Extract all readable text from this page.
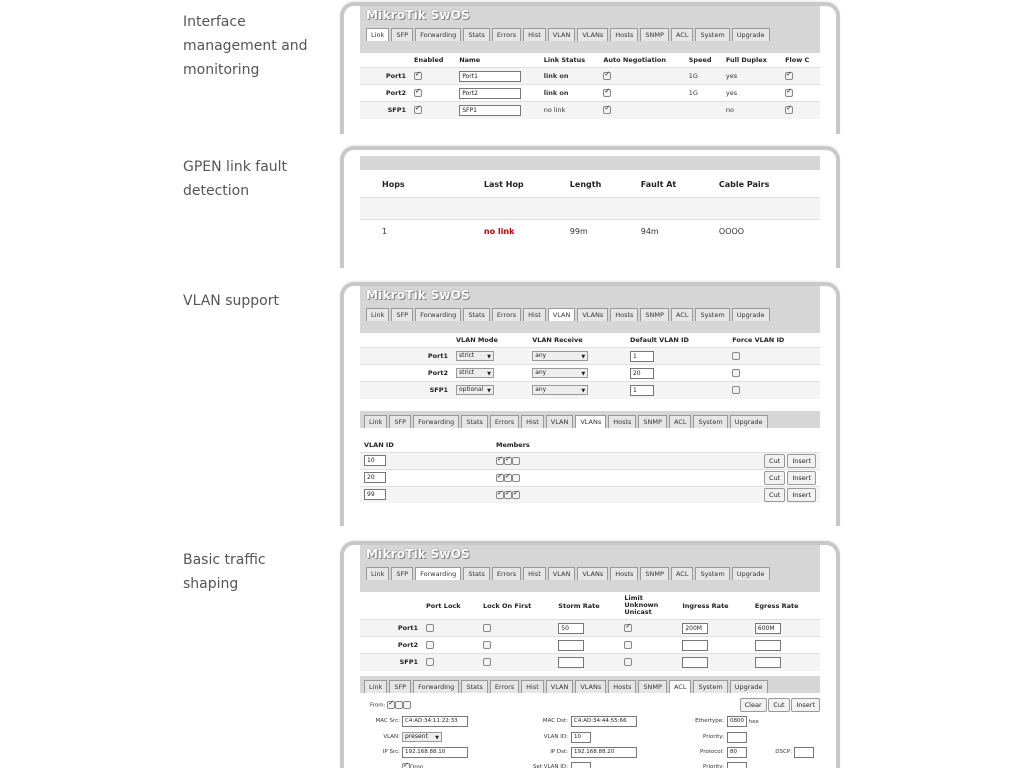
Interface management and monitoring
GPEN link fault detection
VLAN support
Basic traffic shaping
MikroTik SwOS
Link	SFP	Forwarding	Stats	Errors	Hist	VLAN	VLANs	Hosts	SNMP	ACL	System	Upgrade
	Enabled	Name	Link Status	Auto Negotiation	Speed	Full Duplex	Flow C
Port1	✓	Port1	link on	✓	1G	yes	✓
Port2	✓	Port2	link on	✓	1G	yes	✓
SFP1	✓	SFP1	no link	✓		no	✓
Hops	Last Hop	Length	Fault At	Cable Pairs

1	no link	99m	94m	OOOO
MikroTik SwOS
Link	SFP	Forwarding	Stats	Errors	Hist	VLAN	VLANs	Hosts	SNMP	ACL	System	Upgrade
	VLAN Mode	VLAN Receive	Default VLAN ID	Force VLAN ID
Port1	strict ▼	any ▼	1	
Port2	strict ▼	any ▼	20	
SFP1	optional ▼	any ▼	1	
Link	SFP	Forwarding	Stats	Errors	Hist	VLAN	VLANs	Hosts	SNMP	ACL	System	Upgrade
VLAN ID	Members	
10	✓✓	Cut Insert
20	✓✓	Cut Insert
99	✓✓✓	Cut Insert
MikroTik SwOS
Link	SFP	Forwarding	Stats	Errors	Hist	VLAN	VLANs	Hosts	SNMP	ACL	System	Upgrade
	Port Lock	Lock On First	Storm Rate	Limit Unknown Unicast	Ingress Rate	Egress Rate
Port1			50	✓	200M	600M
Port2						
SFP1						
Link	SFP	Forwarding	Stats	Errors	Hist	VLAN	VLANs	Hosts	SNMP	ACL	System	Upgrade
From: ✓	Clear Cut Insert
MAC Src: C4:AD:34:11:22:33	MAC Dst:	C4:AD:34:44:55:66	Ethertype:	0800 hex
VLAN: present ▼	VLAN ID:	10	Priority:
IP Src: 192.168.88.10	IP Dst:	192.168.88.20	Protocol:	80	DSCP:
✓Drop	Set VLAN ID:	Priority:
